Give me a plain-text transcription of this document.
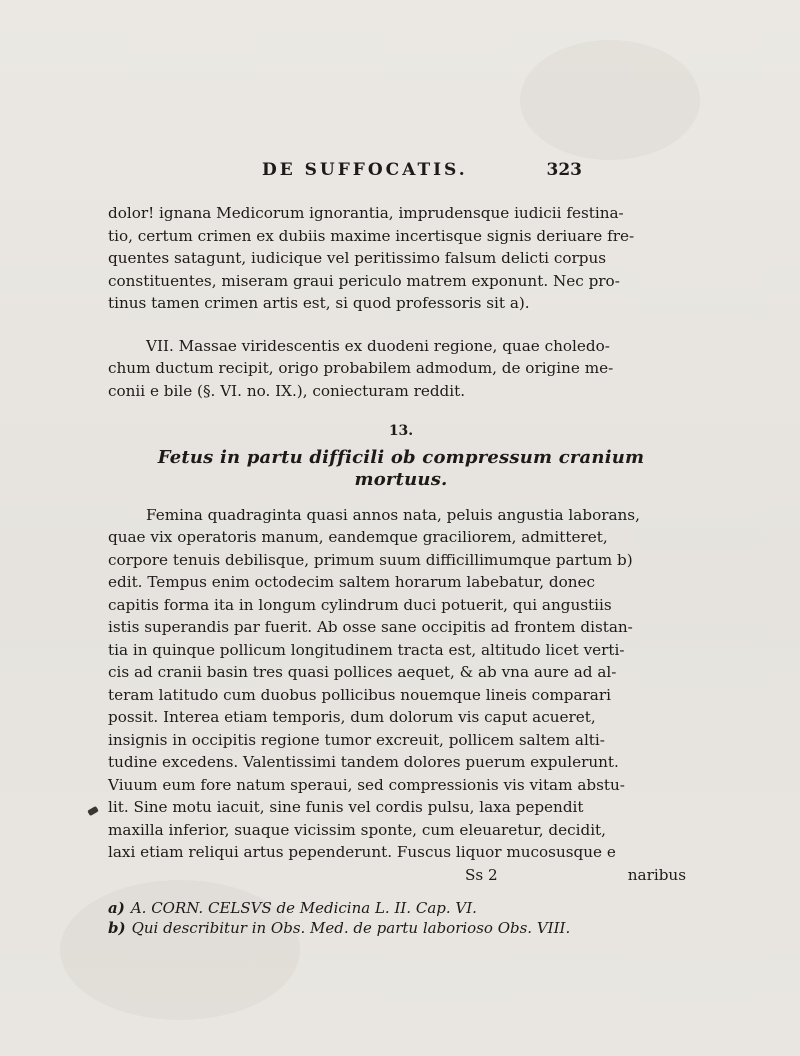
DE SUFFOCATIS.	323

dolor! ignana Medicorum ignorantia, imprudensque iudicii festina-

tio, certum crimen ex dubiis maxime incertisque signis deriuare fre-

quentes satagunt, iudicique vel peritissimo falsum delicti corpus

constituentes, miseram graui periculo matrem exponunt. Nec pro-

tinus tamen crimen artis est, si quod professoris sit a).

VII. Massae viridescentis ex duodeni regione, quae choledo-

chum ductum recipit, origo probabilem admodum, de origine me-

conii e bile (§. VI. no. IX.), coniecturam reddit.

13.
Fetus in partu difficili ob compressum cranium mortuus.

Femina quadraginta quasi annos nata, peluis angustia laborans,

quae vix operatoris manum, eandemque graciliorem, admitteret,

corpore tenuis debilisque, primum suum difficillimumque partum b)

edit. Tempus enim octodecim saltem horarum labebatur, donec

capitis forma ita in longum cylindrum duci potuerit, qui angustiis

istis superandis par fuerit. Ab osse sane occipitis ad frontem distan-

tia in quinque pollicum longitudinem tracta est, altitudo licet verti-

cis ad cranii basin tres quasi pollices aequet, & ab vna aure ad al-

teram latitudo cum duobus pollicibus nouemque lineis comparari

possit. Interea etiam temporis, dum dolorum vis caput acueret,

insignis in occipitis regione tumor excreuit, pollicem saltem alti-

tudine excedens. Valentissimi tandem dolores puerum expulerunt.

Viuum eum fore natum speraui, sed compressionis vis vitam abstu-

lit. Sine motu iacuit, sine funis vel cordis pulsu, laxa pependit

maxilla inferior, suaque vicissim sponte, cum eleuaretur, decidit,

laxi etiam reliqui artus pependerunt. Fuscus liquor mucosusque e

Ss 2	naribus

a) A. CORN. CELSVS de Medicina L. II. Cap. VI.

b) Qui describitur in Obs. Med. de partu laborioso Obs. VIII.
